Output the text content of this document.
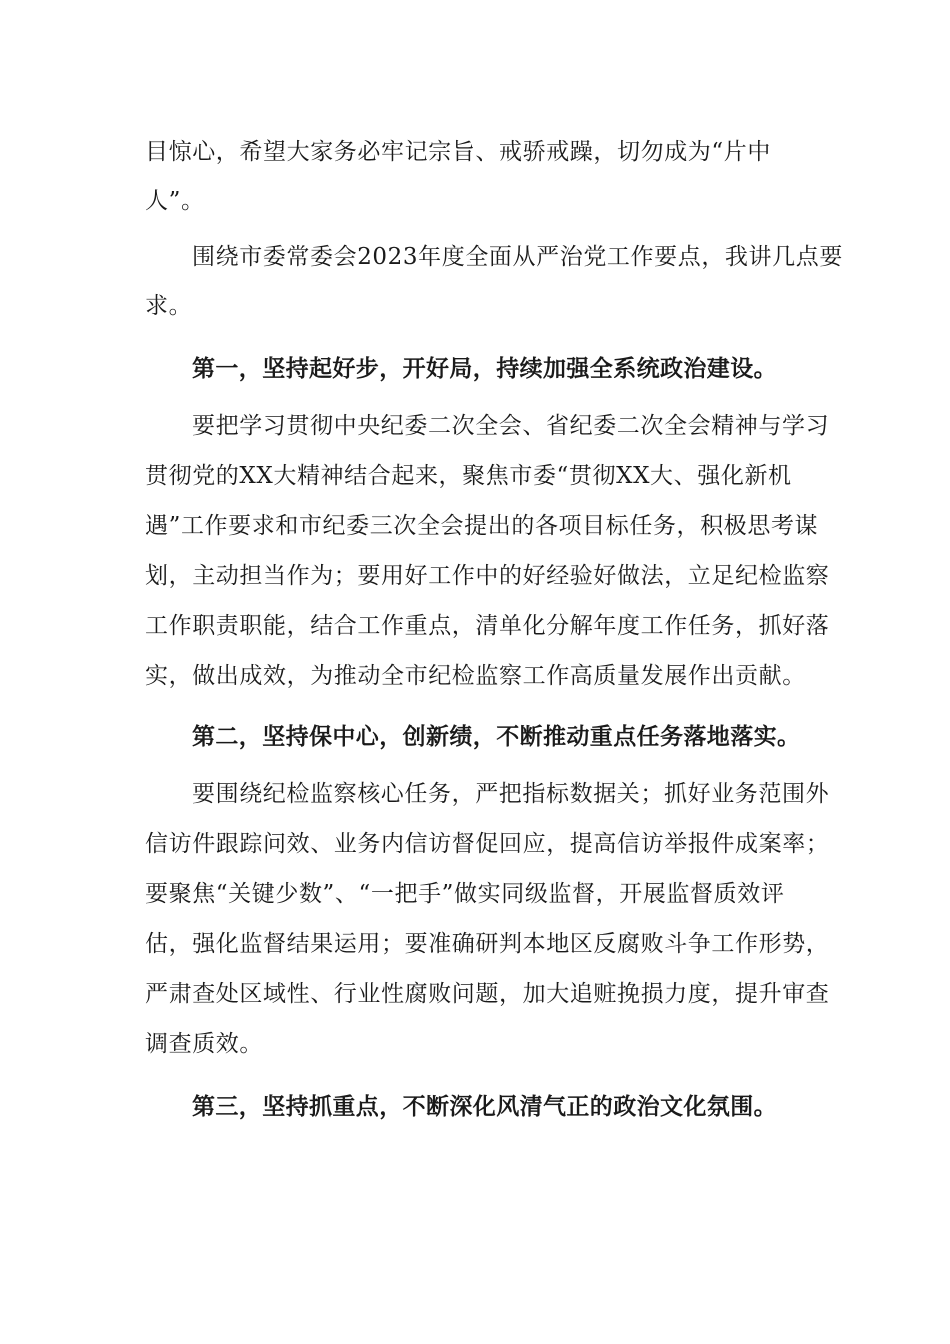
目惊心，希望大家务必牢记宗旨、戒骄戒躁，切勿成为“片中
人”。
围绕市委常委会2023年度全面从严治党工作要点，我讲几点要
求。
第一，坚持起好步，开好局，持续加强全系统政治建设。
要把学习贯彻中央纪委二次全会、省纪委二次全会精神与学习
贯彻党的XX大精神结合起来，聚焦市委“贯彻XX大、强化新机
遇”工作要求和市纪委三次全会提出的各项目标任务，积极思考谋
划，主动担当作为；要用好工作中的好经验好做法，立足纪检监察
工作职责职能，结合工作重点，清单化分解年度工作任务，抓好落
实，做出成效，为推动全市纪检监察工作高质量发展作出贡献。
第二，坚持保中心，创新绩，不断推动重点任务落地落实。
要围绕纪检监察核心任务，严把指标数据关；抓好业务范围外
信访件跟踪问效、业务内信访督促回应，提高信访举报件成案率；
要聚焦“关键少数”、“一把手”做实同级监督，开展监督质效评
估，强化监督结果运用；要准确研判本地区反腐败斗争工作形势，
严肃查处区域性、行业性腐败问题，加大追赃挽损力度，提升审查
调查质效。
第三，坚持抓重点，不断深化风清气正的政治文化氛围。
